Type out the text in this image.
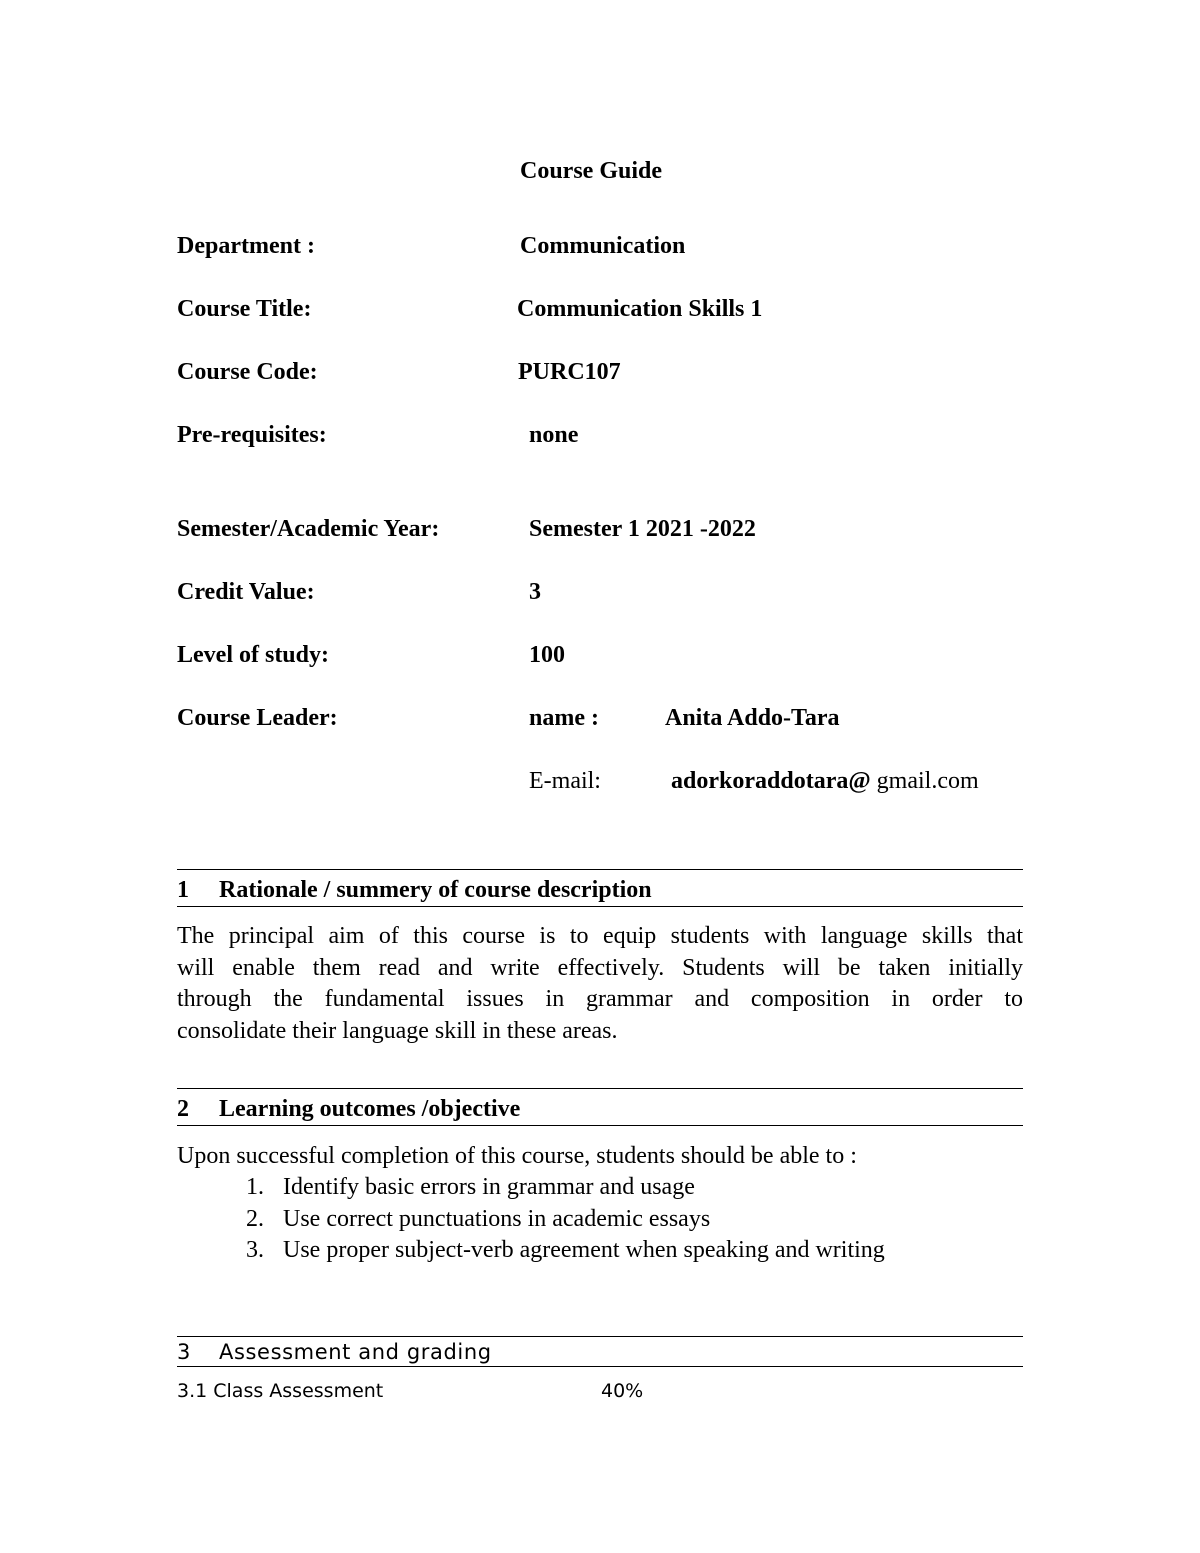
Course Guide
Department :	Communication
Course Title:	Communication Skills 1
Course Code:	PURC107
Pre-requisites:	none
Semester/Academic Year:	Semester 1 2021 -2022
Credit Value:	3
Level of study:	100
Course Leader:	name :	Anita Addo-Tara
E-mail:	adorkoraddotara@ gmail.com
1 Rationale / summery of course description
The principal aim of this course is to equip students with language skills that
will enable them read and write effectively. Students will be taken initially
through the fundamental issues in grammar and composition in order to
consolidate their language skill in these areas.
2 Learning outcomes /objective
Upon successful completion of this course, students should be able to :
1. Identify basic errors in grammar and usage
2. Use correct punctuations in academic essays
3. Use proper subject-verb agreement when speaking and writing
3 Assessment and grading
3.1 Class Assessment	40%
